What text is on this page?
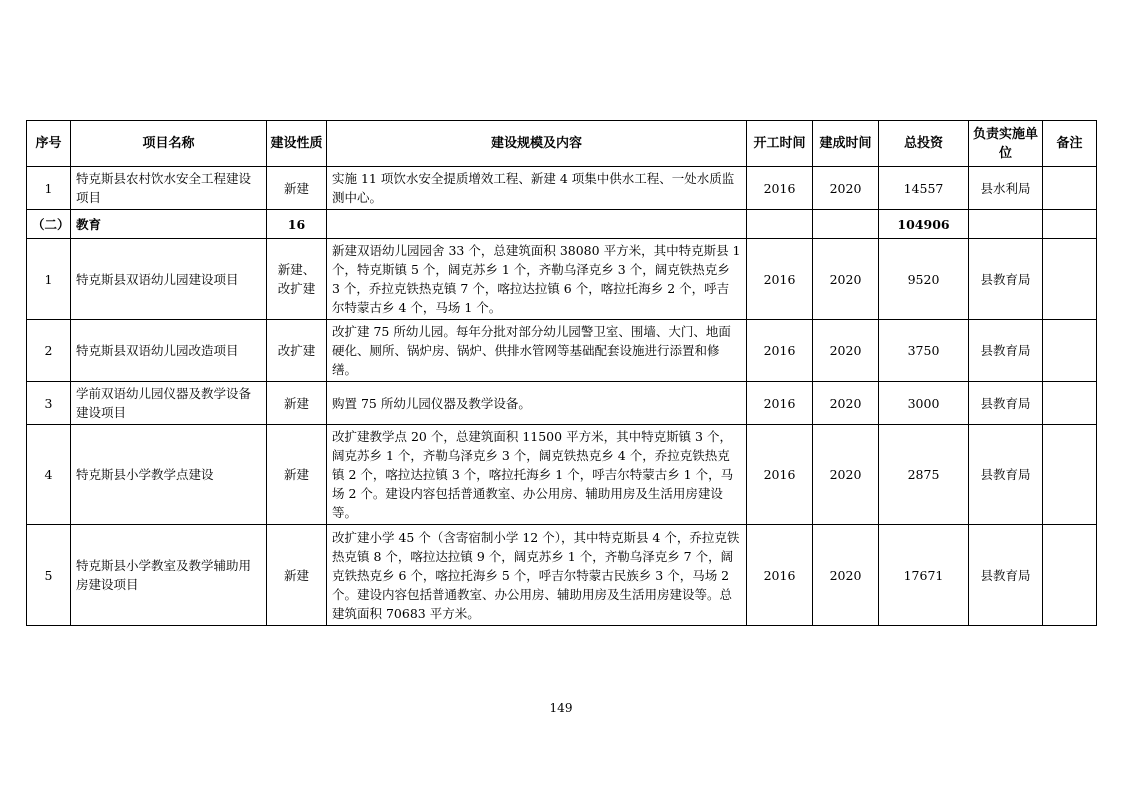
序号	项目名称	建设性质	建设规模及内容	开工时间	建成时间	总投资	负责实施单位	备注
1	特克斯县农村饮水安全工程建设项目	新建	实施 11 项饮水安全提质增效工程、新建 4 项集中供水工程、一处水质监测中心。	2016	2020	14557	县水利局	
（二）	教育	16				104906		
1	特克斯县双语幼儿园建设项目	新建、改扩建	新建双语幼儿园园舍 33 个，总建筑面积 38080 平方米，其中特克斯县 1 个，特克斯镇 5 个，阔克苏乡 1 个，齐勒乌泽克乡 3 个，阔克铁热克乡 3 个，乔拉克铁热克镇 7 个，喀拉达拉镇 6 个，喀拉托海乡 2 个，呼吉尔特蒙古乡 4 个，马场 1 个。	2016	2020	9520	县教育局	
2	特克斯县双语幼儿园改造项目	改扩建	改扩建 75 所幼儿园。每年分批对部分幼儿园警卫室、围墙、大门、地面硬化、厕所、锅炉房、锅炉、供排水管网等基础配套设施进行添置和修缮。	2016	2020	3750	县教育局	
3	学前双语幼儿园仪器及教学设备建设项目	新建	购置 75 所幼儿园仪器及教学设备。	2016	2020	3000	县教育局	
4	特克斯县小学教学点建设	新建	改扩建教学点 20 个，总建筑面积 11500 平方米，其中特克斯镇 3 个，阔克苏乡 1 个，齐勒乌泽克乡 3 个，阔克铁热克乡 4 个，乔拉克铁热克镇 2 个，喀拉达拉镇 3 个，喀拉托海乡 1 个，呼吉尔特蒙古乡 1 个，马场 2 个。建设内容包括普通教室、办公用房、辅助用房及生活用房建设等。	2016	2020	2875	县教育局	
5	特克斯县小学教室及教学辅助用房建设项目	新建	改扩建小学 45 个（含寄宿制小学 12 个），其中特克斯县 4 个，乔拉克铁热克镇 8 个，喀拉达拉镇 9 个，阔克苏乡 1 个，齐勒乌泽克乡 7 个，阔克铁热克乡 6 个，喀拉托海乡 5 个，呼吉尔特蒙古民族乡 3 个，马场 2 个。建设内容包括普通教室、办公用房、辅助用房及生活用房建设等。总建筑面积 70683 平方米。	2016	2020	17671	县教育局	
149
